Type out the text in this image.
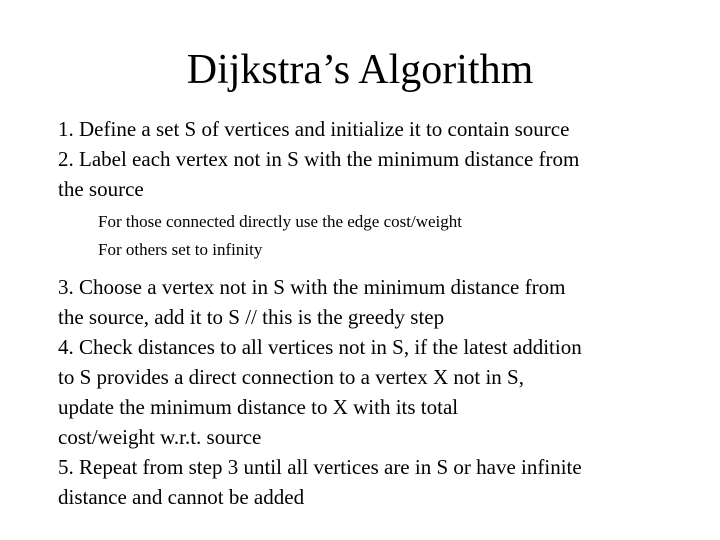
Dijkstra’s Algorithm
1. Define a set S of vertices and initialize it to contain source
2. Label each vertex not in S with the minimum distance from
the source
For those connected directly use the edge cost/weight
For others set to infinity
3. Choose a vertex not in S with the minimum distance from
the source, add it to S // this is the greedy step
4. Check distances to all vertices not in S, if the latest addition
to S provides a direct connection to a vertex X not in S,
update the minimum distance to X with its total
cost/weight w.r.t. source
5. Repeat from step 3 until all vertices are in S or have infinite
distance and cannot be added
